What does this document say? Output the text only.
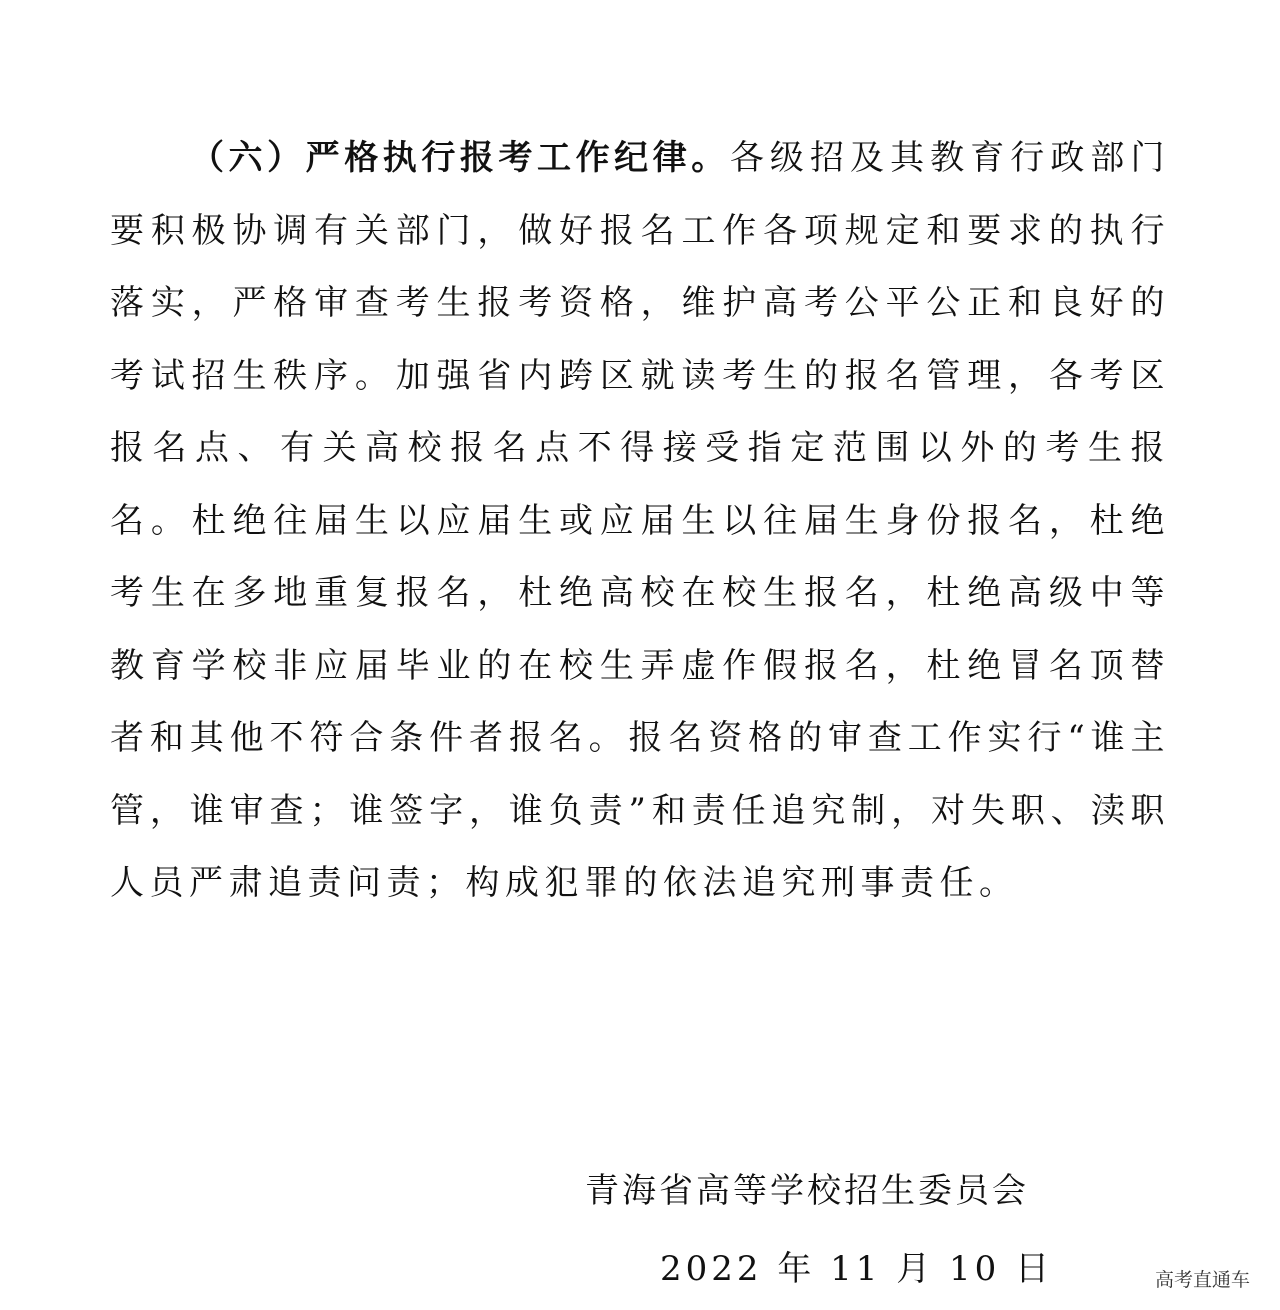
（六）严格执行报考工作纪律。各级招及其教育行政部门要积极协调有关部门，做好报名工作各项规定和要求的执行落实，严格审查考生报考资格，维护高考公平公正和良好的考试招生秩序。加强省内跨区就读考生的报名管理，各考区报名点、有关高校报名点不得接受指定范围以外的考生报名。杜绝往届生以应届生或应届生以往届生身份报名，杜绝考生在多地重复报名，杜绝高校在校生报名，杜绝高级中等教育学校非应届毕业的在校生弄虚作假报名，杜绝冒名顶替者和其他不符合条件者报名。报名资格的审查工作实行“谁主管，谁审查；谁签字，谁负责”和责任追究制，对失职、渎职人员严肃追责问责；构成犯罪的依法追究刑事责任。

青海省高等学校招生委员会
2022 年 11 月 10 日	高考直通车
